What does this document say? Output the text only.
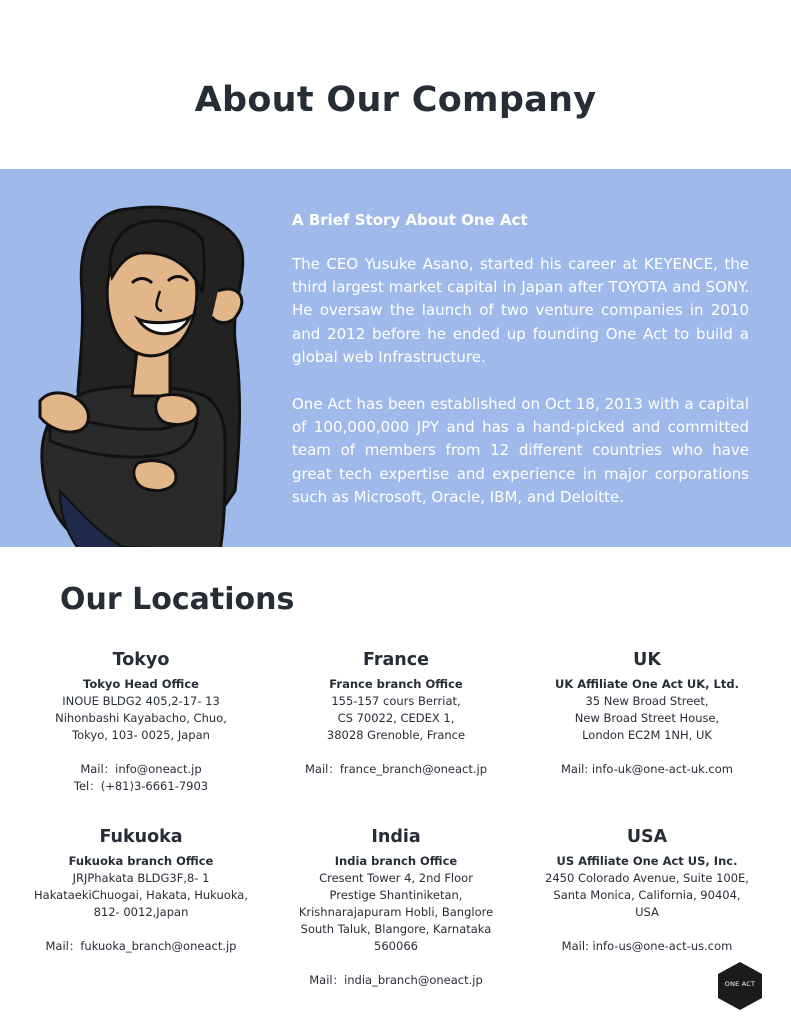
About Our Company
A Brief Story About One Act

The CEO Yusuke Asano, started his career at KEYENCE, the third largest market capital in Japan after TOYOTA and SONY. He oversaw the launch of two venture companies in 2010 and 2012 before he ended up founding One Act to build a global web Infrastructure.

One Act has been established on Oct 18, 2013 with a capital of 100,000,000 JPY and has a hand-picked and committed team of members from 12 different countries who have great tech expertise and experience in major corporations such as Microsoft, Oracle, IBM, and Deloitte.

Our Locations
Tokyo
Tokyo Head Office
INOUE BLDG2 405,2-17- 13
Nihonbashi Kayabacho, Chuo,
Tokyo, 103- 0025, Japan
Mail：info@oneact.jp
Tel：(+81)3-6661-7903
France
France branch Office
155-157 cours Berriat,
CS 70022, CEDEX 1,
38028 Grenoble, France
Mail：france_branch@oneact.jp
UK
UK Affiliate One Act UK, Ltd.
35 New Broad Street,
New Broad Street House,
London EC2M 1NH, UK
Mail: info-uk@one-act-uk.com
Fukuoka
Fukuoka branch Office
JRJPhakata BLDG3F,8- 1
HakataekiChuogai, Hakata, Hukuoka,
812- 0012,Japan
Mail：fukuoka_branch@oneact.jp
India
India branch Office
Cresent Tower 4, 2nd Floor
Prestige Shantiniketan,
Krishnarajapuram Hobli, Banglore
South Taluk, Blangore, Karnataka
560066
Mail：india_branch@oneact.jp
USA
US Affiliate One Act US, Inc.
2450 Colorado Avenue, Suite 100E,
Santa Monica, California, 90404,
USA
Mail: info-us@one-act-us.com
ONE ACT
